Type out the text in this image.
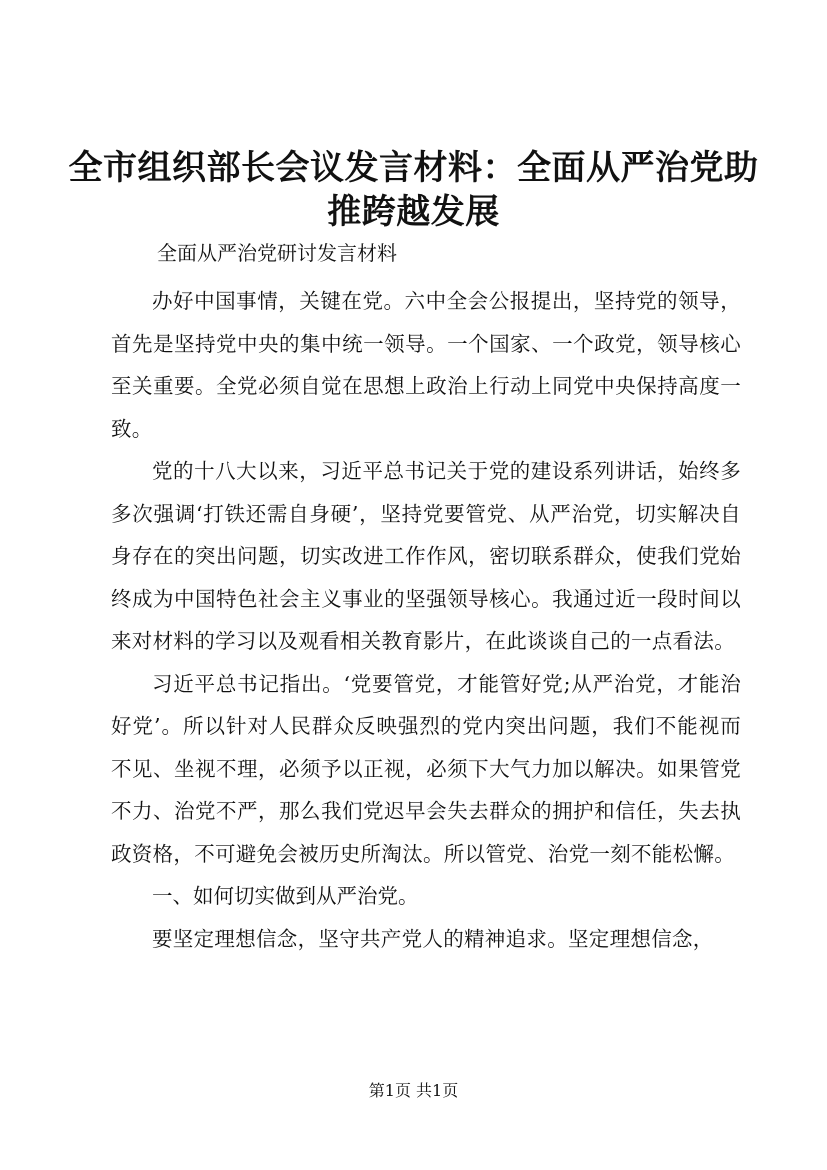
全市组织部长会议发言材料：全面从严治党助推跨越发展

全面从严治党研讨发言材料

办好中国事情，关键在党。六中全会公报提出，坚持党的领导，首先是坚持党中央的集中统一领导。一个国家、一个政党，领导核心至关重要。全党必须自觉在思想上政治上行动上同党中央保持高度一致。

党的十八大以来，习近平总书记关于党的建设系列讲话，始终多多次强调‘打铁还需自身硬’，坚持党要管党、从严治党，切实解决自身存在的突出问题，切实改进工作作风，密切联系群众，使我们党始终成为中国特色社会主义事业的坚强领导核心。我通过近一段时间以来对材料的学习以及观看相关教育影片，在此谈谈自己的一点看法。

习近平总书记指出。‘党要管党，才能管好党;从严治党，才能治好党’。所以针对人民群众反映强烈的党内突出问题，我们不能视而不见、坐视不理，必须予以正视，必须下大气力加以解决。如果管党不力、治党不严，那么我们党迟早会失去群众的拥护和信任，失去执政资格，不可避免会被历史所淘汰。所以管党、治党一刻不能松懈。

一、如何切实做到从严治党。

要坚定理想信念，坚守共产党人的精神追求。坚定理想信念，

第1页 共1页
